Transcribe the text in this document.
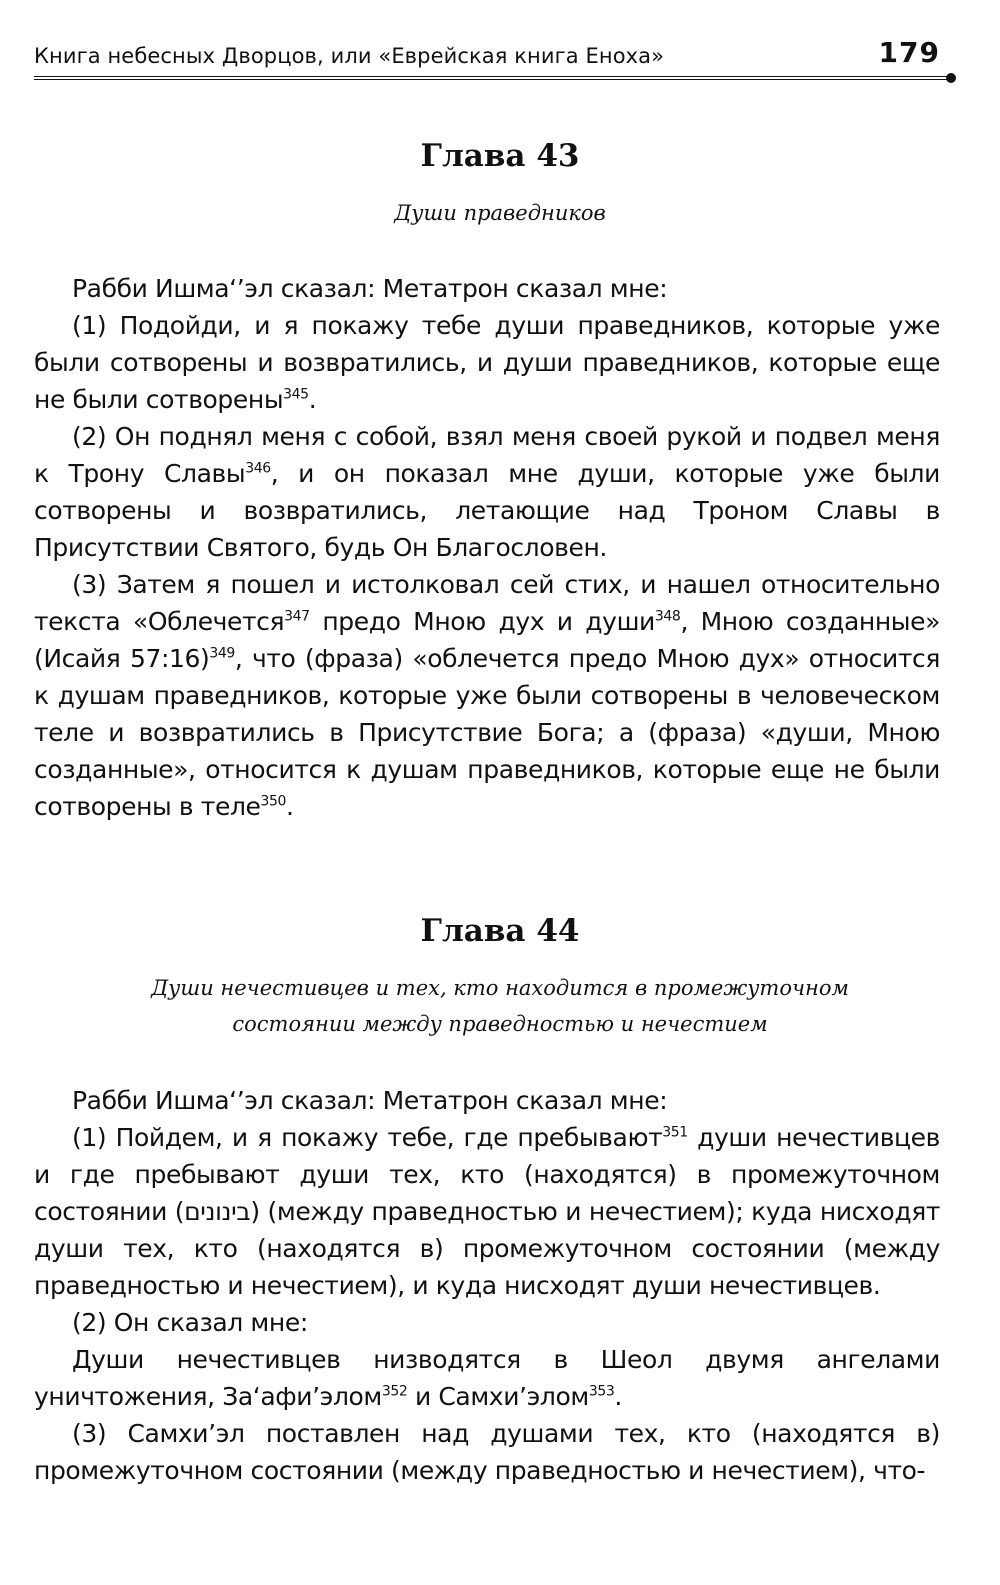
Книга небесных Дворцов, или «Еврейская книга Еноха»	179
Глава 43
Души праведников

Рабби Ишма‘’эл сказал: Метатрон сказал мне:

(1) Подойди, и я покажу тебе души праведников, которые уже были сотворены и возвратились, и души праведников, которые еще не были сотворены$^{345}$.

(2) Он поднял меня с собой, взял меня своей рукой и подвел меня к Трону Славы$^{346}$, и он показал мне души, которые уже были сотворены и возвратились, летающие над Троном Славы в Присутствии Святого, будь Он Благословен.

(3) Затем я пошел и истолковал сей стих, и нашел относительно текста «Облечется$^{347}$ предо Мною дух и души$^{348}$, Мною созданные» (Исайя 57:16)$^{349}$, что (фраза) «облечется предо Мною дух» относится к душам праведников, которые уже были сотворены в человеческом теле и возвратились в Присутствие Бога; а (фраза) «души, Мною созданные», относится к душам праведников, которые еще не были сотворены в теле$^{350}$.

Глава 44
Души нечестивцев и тех, кто находится в промежуточном
состоянии между праведностью и нечестием

Рабби Ишма‘’эл сказал: Метатрон сказал мне:

(1) Пойдем, и я покажу тебе, где пребывают$^{351}$ души нечестивцев и где пребывают души тех, кто (находятся) в промежуточном состоянии (בינונים) (между праведностью и нечестием); куда нисходят души тех, кто (находятся в) промежуточном состоянии (между праведностью и нечестием), и куда нисходят души нечестивцев.

(2) Он сказал мне:

Души нечестивцев низводятся в Шеол двумя ангелами уничтожения, За‘афи’элом$^{352}$ и Самхи’элом$^{353}$.

(3) Самхи’эл поставлен над душами тех, кто (находятся в) промежуточном состоянии (между праведностью и нечестием), что-
